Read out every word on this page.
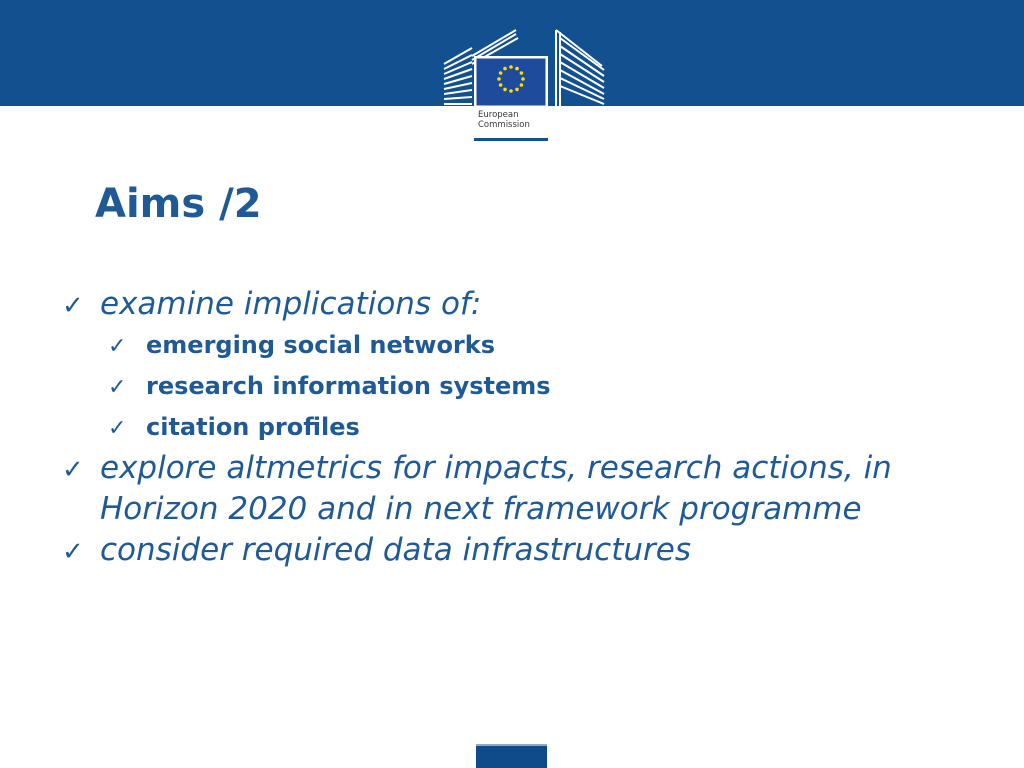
European
Commission
Aims /2
✓ examine implications of:
✓ emerging social networks
✓ research information systems
✓ citation profiles
✓ explore altmetrics for impacts, research actions, in Horizon 2020 and in next framework programme
✓ consider required data infrastructures
